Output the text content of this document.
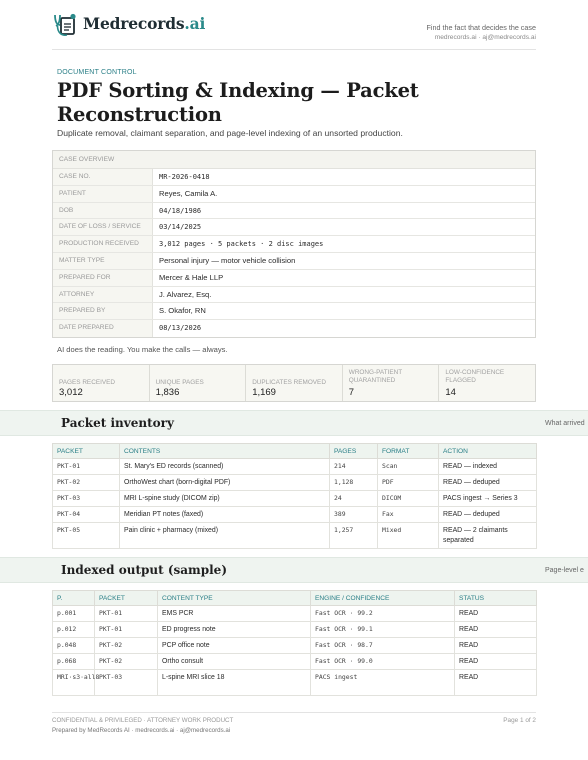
Medrecords.ai	Find the fact that decides the case
medrecords.ai · aj@medrecords.ai
DOCUMENT CONTROL
PDF Sorting & Indexing — Packet Reconstruction
Duplicate removal, claimant separation, and page-level indexing of an unsorted production.
CASE OVERVIEW
CASE NO.	MR-2026-0418
PATIENT	Reyes, Camila A.
DOB	04/18/1986
DATE OF LOSS / SERVICE	03/14/2025
PRODUCTION RECEIVED	3,012 pages · 5 packets · 2 disc images
MATTER TYPE	Personal injury — motor vehicle collision
PREPARED FOR	Mercer & Hale LLP
ATTORNEY	J. Alvarez, Esq.
PREPARED BY	S. Okafor, RN
DATE PREPARED	08/13/2026
AI does the reading. You make the calls — always.
PAGES RECEIVED
3,012
UNIQUE PAGES
1,836
DUPLICATES REMOVED
1,169
WRONG-PATIENT QUARANTINED
7
LOW-CONFIDENCE FLAGGED
14
Packet inventory	What arrived
PACKET	CONTENTS	PAGES	FORMAT	ACTION
PKT-01	St. Mary's ED records (scanned)	214	Scan	READ — indexed
PKT-02	OrthoWest chart (born-digital PDF)	1,128	PDF	READ — deduped
PKT-03	MRI L-spine study (DICOM zip)	24	DICOM	PACS ingest → Series 3
PKT-04	Meridian PT notes (faxed)	389	Fax	READ — deduped
PKT-05	Pain clinic + pharmacy (mixed)	1,257	Mixed	READ — 2 claimants separated
Indexed output (sample)	Page-level e
P.	PACKET	CONTENT TYPE	ENGINE / CONFIDENCE	STATUS
p.001	PKT-01	EMS PCR	Fast OCR · 99.2	READ
p.012	PKT-01	ED progress note	Fast OCR · 99.1	READ
p.048	PKT-02	PCP office note	Fast OCR · 98.7	READ
p.068	PKT-02	Ortho consult	Fast OCR · 99.0	READ
MRI·s3·all8	PKT-03	L-spine MRI slice 18	PACS ingest	READ
CONFIDENTIAL & PRIVILEGED · ATTORNEY WORK PRODUCT
Prepared by MedRecords AI · medrecords.ai · aj@medrecords.ai
Page 1 of 2
